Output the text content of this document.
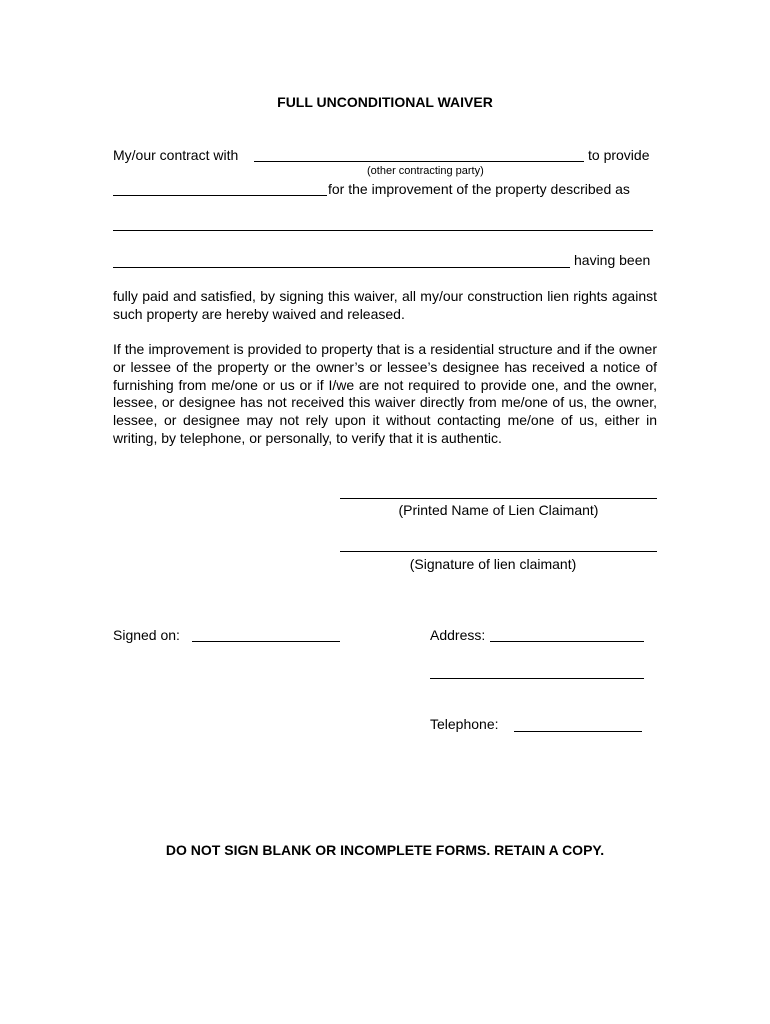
FULL UNCONDITIONAL WAIVER
My/our contract with	to provide
(other contracting party)
for the improvement of the property described as
having been
fully paid and satisfied, by signing this waiver, all my/our construction lien rights against such property are hereby waived and released.
If the improvement is provided to property that is a residential structure and if the owner or lessee of the property or the owner’s or lessee’s designee has received a notice of furnishing from me/one or us or if I/we are not required to provide one, and the owner, lessee, or designee has not received this waiver directly from me/one of us, the owner, lessee, or designee may not rely upon it without contacting me/one of us, either in writing, by telephone, or personally, to verify that it is authentic.
(Printed Name of Lien Claimant)
(Signature of lien claimant)
Signed on:	Address:
Telephone:
DO NOT SIGN BLANK OR INCOMPLETE FORMS. RETAIN A COPY.
